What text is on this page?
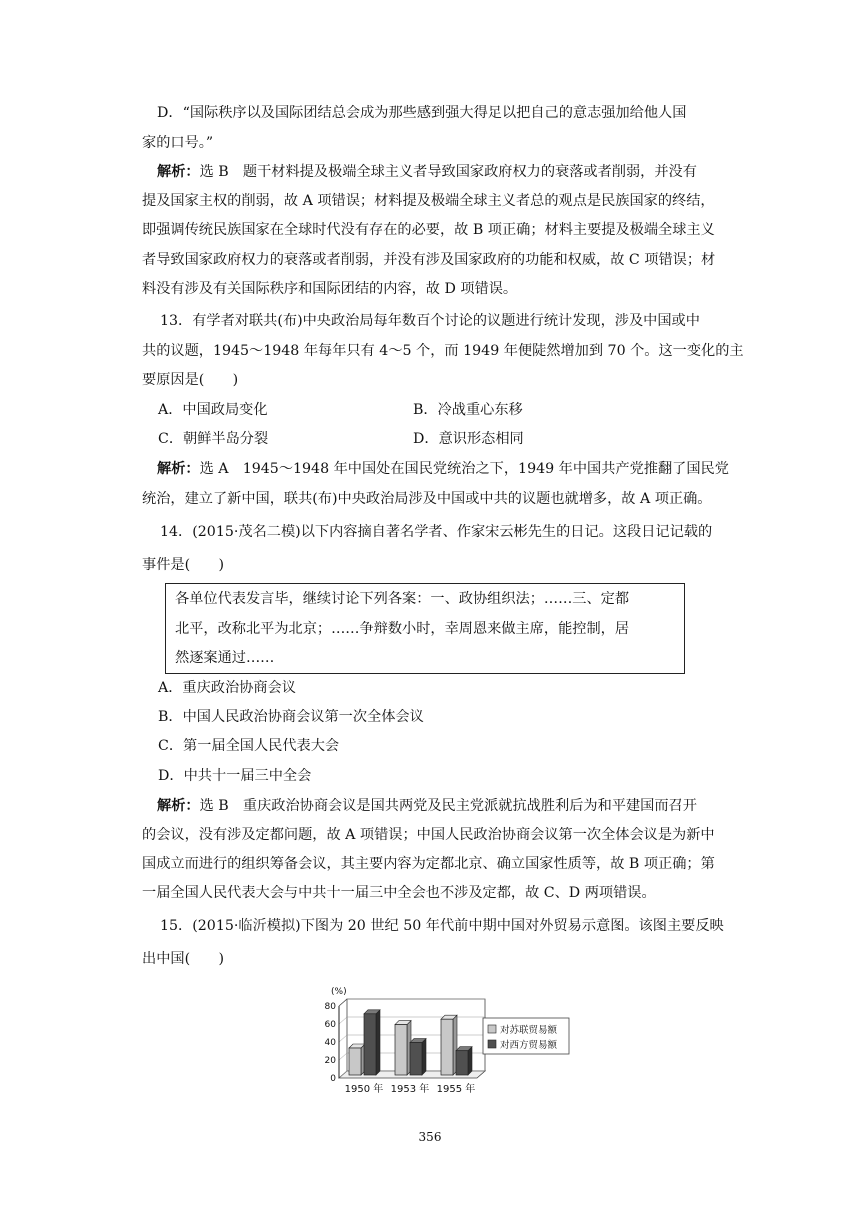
D．“国际秩序以及国际团结总会成为那些感到强大得足以把自己的意志强加给他人国
家的口号。”
解析：选 B　题干材料提及极端全球主义者导致国家政府权力的衰落或者削弱，并没有
提及国家主权的削弱，故 A 项错误；材料提及极端全球主义者总的观点是民族国家的终结，
即强调传统民族国家在全球时代没有存在的必要，故 B 项正确；材料主要提及极端全球主义
者导致国家政府权力的衰落或者削弱，并没有涉及国家政府的功能和权威，故 C 项错误；材
料没有涉及有关国际秩序和国际团结的内容，故 D 项错误。
13．有学者对联共(布)中央政治局每年数百个讨论的议题进行统计发现，涉及中国或中
共的议题，1945～1948 年每年只有 4～5 个，而 1949 年便陡然增加到 70 个。这一变化的主
要原因是(　　)
A．中国政局变化	B．冷战重心东移
C．朝鲜半岛分裂	D．意识形态相同
解析：选 A　1945～1948 年中国处在国民党统治之下，1949 年中国共产党推翻了国民党
统治，建立了新中国，联共(布)中央政治局涉及中国或中共的议题也就增多，故 A 项正确。
14．(2015·茂名二模)以下内容摘自著名学者、作家宋云彬先生的日记。这段日记记载的
事件是(　　)
各单位代表发言毕，继续讨论下列各案：一、政协组织法；……三、定都
北平，改称北平为北京；……争辩数小时，幸周恩来做主席，能控制，居
然逐案通过……
A．重庆政治协商会议
B．中国人民政治协商会议第一次全体会议
C．第一届全国人民代表大会
D．中共十一届三中全会
解析：选 B　重庆政治协商会议是国共两党及民主党派就抗战胜利后为和平建国而召开
的会议，没有涉及定都问题，故 A 项错误；中国人民政治协商会议第一次全体会议是为新中
国成立而进行的组织筹备会议，其主要内容为定都北京、确立国家性质等，故 B 项正确；第
一届全国人民代表大会与中共十一届三中全会也不涉及定都，故 C、D 两项错误。
15．(2015·临沂模拟)下图为 20 世纪 50 年代前中期中国对外贸易示意图。该图主要反映
出中国(　　)
0
20
40
60
80
(%)
1950 年 1953 年 1955 年
对苏联贸易额
对西方贸易额
356
